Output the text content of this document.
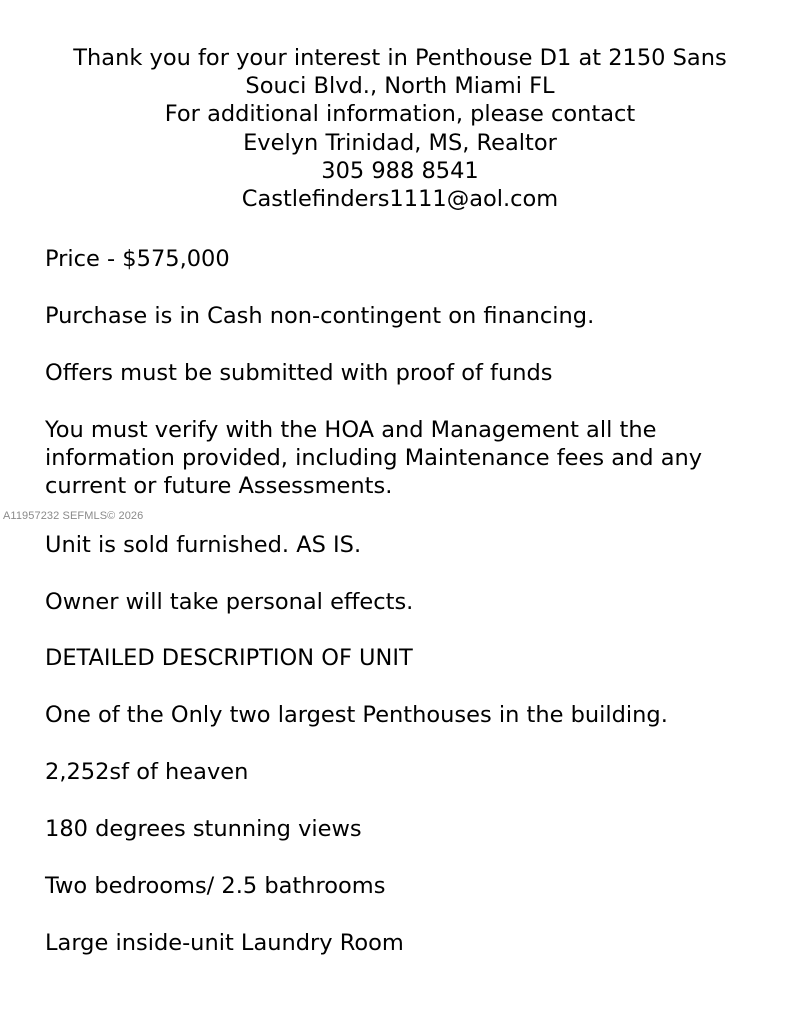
Thank you for your interest in Penthouse D1 at 2150 Sans
Souci Blvd., North Miami FL
For additional information, please contact
Evelyn Trinidad, MS, Realtor
305 988 8541
Castlefinders1111@aol.com

Price - $575,000

Purchase is in Cash non-contingent on financing.

Offers must be submitted with proof of funds

You must verify with the HOA and Management all the
information provided, including Maintenance fees and any
current or future Assessments.
A11957232 SEFMLS© 2026

Unit is sold furnished. AS IS.

Owner will take personal effects.

DETAILED DESCRIPTION OF UNIT

One of the Only two largest Penthouses in the building.

2,252sf of heaven

180 degrees stunning views

Two bedrooms/ 2.5 bathrooms

Large inside-unit Laundry Room
